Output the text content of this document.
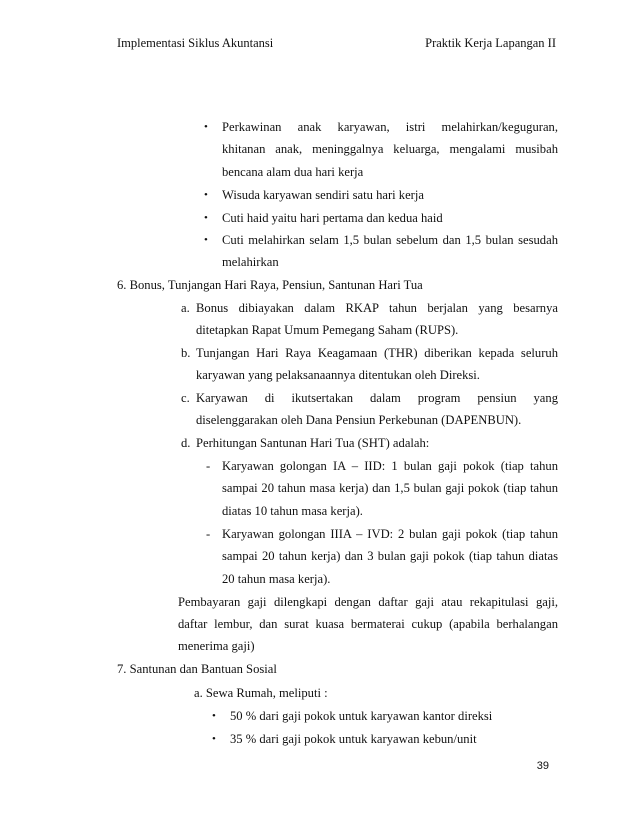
Implementasi Siklus Akuntansi	Praktik Kerja Lapangan II
• Perkawinan anak karyawan, istri melahirkan/keguguran,
khitanan anak, meninggalnya keluarga, mengalami musibah
bencana alam dua hari kerja
• Wisuda karyawan sendiri satu hari kerja
• Cuti haid yaitu hari pertama dan kedua haid
• Cuti melahirkan selam 1,5 bulan sebelum dan 1,5 bulan sesudah
melahirkan
6. Bonus, Tunjangan Hari Raya, Pensiun, Santunan Hari Tua
a. Bonus dibiayakan dalam RKAP tahun berjalan yang besarnya
ditetapkan Rapat Umum Pemegang Saham (RUPS).
b. Tunjangan Hari Raya Keagamaan (THR) diberikan kepada seluruh
karyawan yang pelaksanaannya ditentukan oleh Direksi.
c. Karyawan di ikutsertakan dalam program pensiun yang
diselenggarakan oleh Dana Pensiun Perkebunan (DAPENBUN).
d. Perhitungan Santunan Hari Tua (SHT) adalah:
- Karyawan golongan IA – IID: 1 bulan gaji pokok (tiap tahun
sampai 20 tahun masa kerja) dan 1,5 bulan gaji pokok (tiap tahun
diatas 10 tahun masa kerja).
- Karyawan golongan IIIA – IVD: 2 bulan gaji pokok (tiap tahun
sampai 20 tahun kerja) dan 3 bulan gaji pokok (tiap tahun diatas
20 tahun masa kerja).
Pembayaran gaji dilengkapi dengan daftar gaji atau rekapitulasi gaji,
daftar lembur, dan surat kuasa bermaterai cukup (apabila berhalangan
menerima gaji)
7. Santunan dan Bantuan Sosial
a. Sewa Rumah, meliputi :
• 50 % dari gaji pokok untuk karyawan kantor direksi
• 35 % dari gaji pokok untuk karyawan kebun/unit
39
